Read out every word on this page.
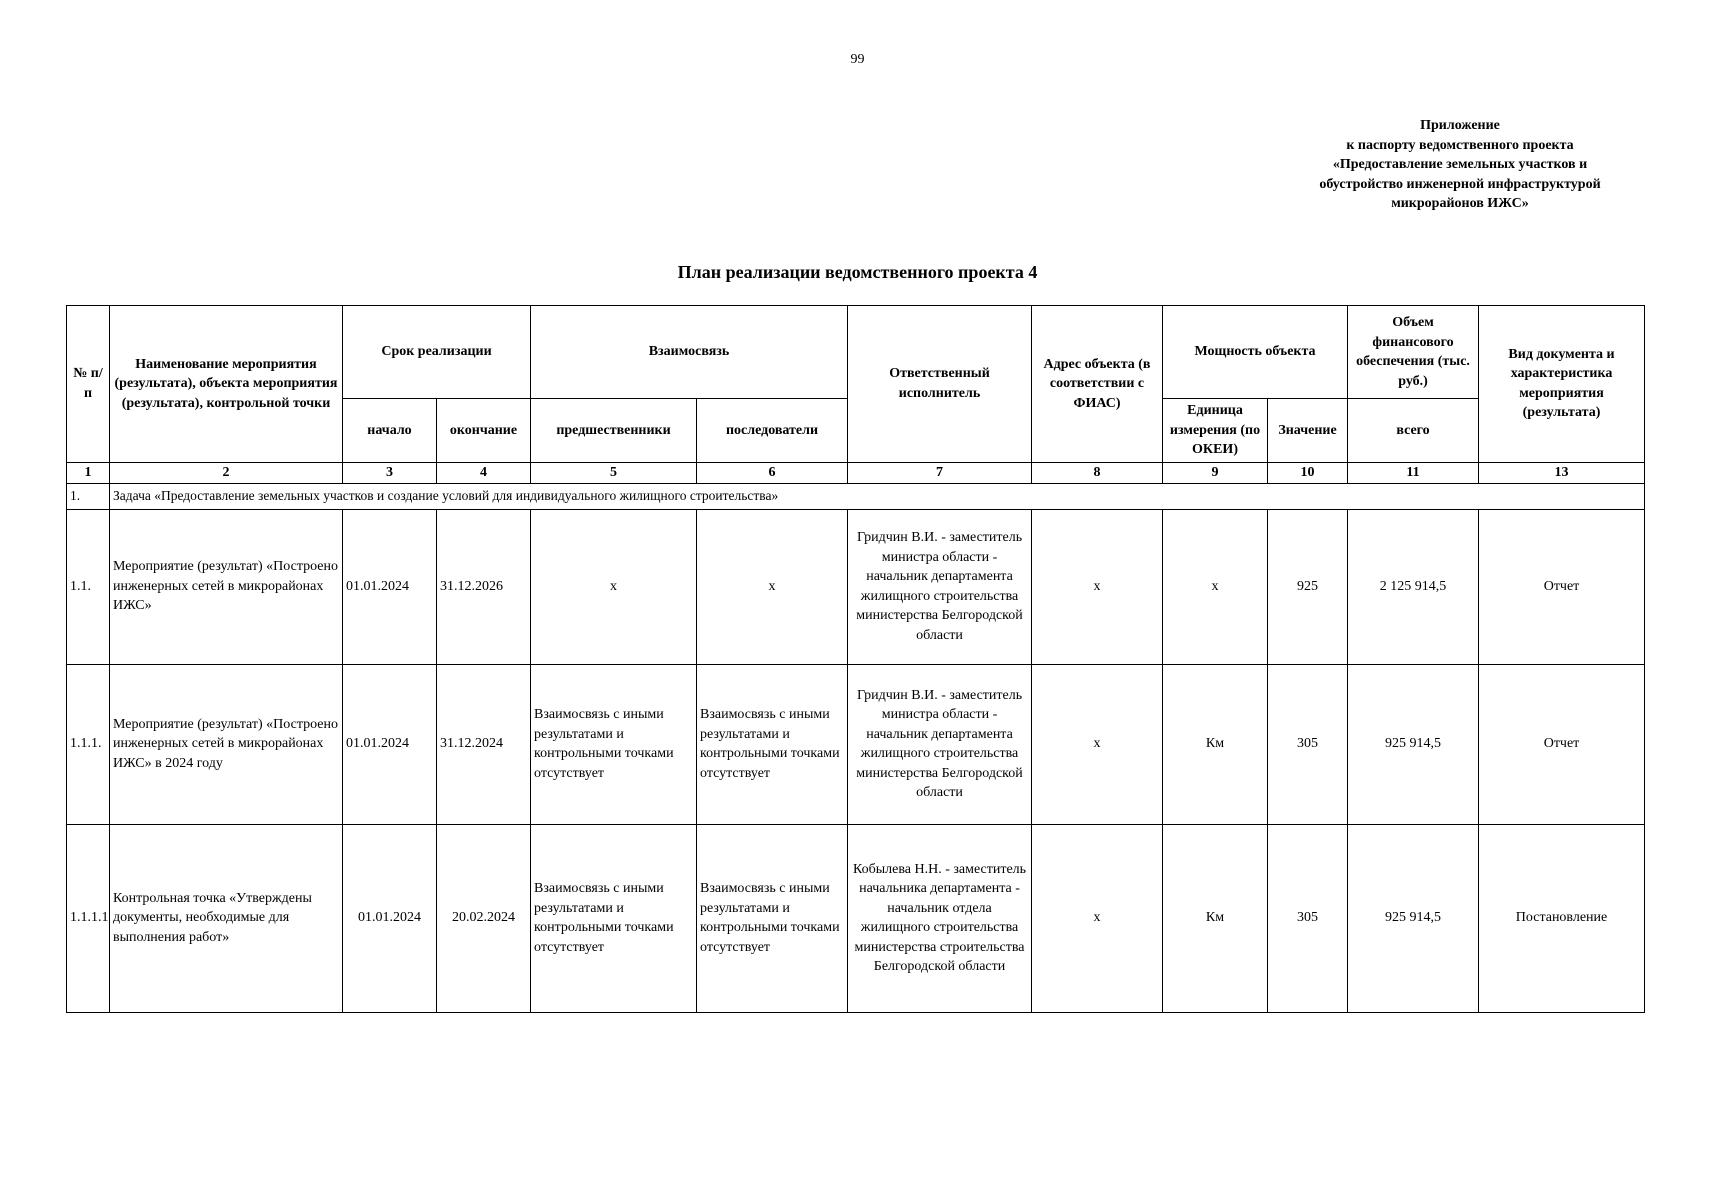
99
Приложение
к паспорту ведомственного проекта
«Предоставление земельных участков и
обустройство инженерной инфраструктурой
микрорайонов ИЖС»
План реализации ведомственного проекта 4
№ п/п	Наименование мероприятия (результата), объекта мероприятия (результата), контрольной точки	Срок реализации		Взаимосвязь		Ответственный исполнитель	Адрес объекта (в соответствии с ФИАС)	Мощность объекта		Объем финансового обеспечения (тыс. руб.)	Вид документа и характеристика мероприятия (результата)
		начало	окончание	предшественники	последователи			Единица измерения (по ОКЕИ)	Значение	всего	
1	2	3	4	5	6	7	8	9	10	11	13
1.	Задача «Предоставление земельных участков и создание условий для индивидуального жилищного строительства»										
1.1.	Мероприятие (результат) «Построено инженерных сетей в микрорайонах ИЖС»	01.01.2024	31.12.2026	х	х	Гридчин В.И. - заместитель министра области - начальник департамента жилищного строительства министерства Белгородской области	х	х	925	2 125 914,5	Отчет
1.1.1.	Мероприятие (результат) «Построено инженерных сетей в микрорайонах ИЖС» в 2024 году	01.01.2024	31.12.2024	Взаимосвязь с иными результатами и контрольными точками отсутствует	Взаимосвязь с иными результатами и контрольными точками отсутствует	Гридчин В.И. - заместитель министра области - начальник департамента жилищного строительства министерства Белгородской области	х	Км	305	925 914,5	Отчет
1.1.1.1	Контрольная точка «Утверждены документы, необходимые для выполнения работ»	01.01.2024	20.02.2024	Взаимосвязь с иными результатами и контрольными точками отсутствует	Взаимосвязь с иными результатами и контрольными точками отсутствует	Кобылева Н.Н. - заместитель начальника департамента - начальник отдела жилищного строительства министерства строительства Белгородской области	х	Км	305	925 914,5	Постановление
